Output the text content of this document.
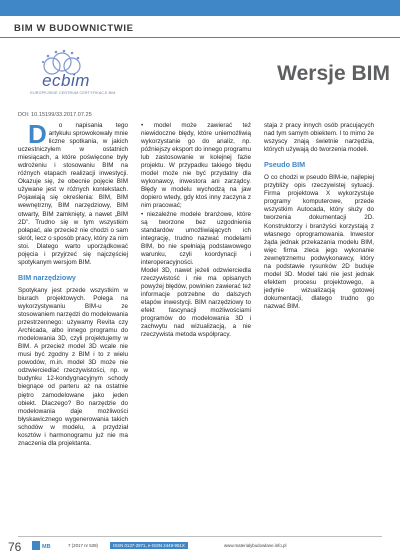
BIM W BUDOWNICTWIE
ecbim
EUROPEJSKIE CENTRUM CERTYFIKACJI BIM
Wersje BIM
DOI: 10.15199/33.2017.07.25

D o napisania tego artykułu sprowokowały mnie liczne spotkania, w jakich uczestniczyłem w ostatnich miesiącach, a które poświęcone były wdrożeniu i stosowaniu BIM na różnych etapach realizacji inwestycji. Okazuje się, że obecnie pojęcie BIM używane jest w różnych kontekstach. Pojawiają się określenia: BIM, BIM wewnętrzny, BIM narzędziowy, BIM otwarty, BIM zamknięty, a nawet „BIM 2D”. Trudno się w tym wszystkim połapać, ale przecież nie chodzi o sam skrót, lecz o sposób pracy, który za nim stoi. Dlatego warto uporządkować pojęcia i przyjrzeć się najczęściej spotykanym wersjom BIM.

BIM narzędziowy

Spotykany jest przede wszystkim w biurach projektowych. Polega na wykorzystywaniu BIM-u ze stosowaniem narzędzi do modelowania przestrzennego: używamy Revita czy Archicada, albo innego programu do modelowania 3D, czyli projektujemy w BIM. A przecież model 3D wcale nie musi być zgodny z BIM i to z wielu powodów, m.in. model 3D może nie odzwierciedlać rzeczywistości, np. w budynku 12-kondygnacyjnym schody biegnące od parteru aż na ostatnie piętro zamodelowane jako jeden obiekt. Dlaczego? Bo narzędzie do modelowania daje możliwości błyskawicznego wygenerowania takich schodów w modelu, a przydział kosztów i harmonogramu już nie ma znaczenia dla projektanta.

• model może zawierać też niewidoczne błędy, które uniemożliwią wykorzystanie go do analiz, np. późniejszy eksport do innego programu lub zastosowanie w kolejnej fazie projektu. W przypadku takiego błędu model może nie być przydatny dla wykonawcy, inwestora ani zarządcy. Błędy w modelu wychodzą na jaw dopiero wtedy, gdy ktoś inny zaczyna z nim pracować;

• niezależne modele branżowe, które są tworzone bez uzgodnienia standardów umożliwiających ich integrację, trudno nazwać modelami BIM, bo nie spełniają podstawowego warunku, czyli koordynacji i interoperacyjności.

Model 3D, nawet jeżeli odzwierciedla rzeczywistość i nie ma opisanych powyżej błędów, powinien zawierać też informacje potrzebne do dalszych etapów inwestycji. BIM narzędziowy to efekt fascynacji możliwościami programów do modelowania 3D i zachwytu nad wizualizacją, a nie rzeczywista metoda współpracy.

staja z pracy innych osób pracujących nad tym samym obiektem. I to mimo że wszyscy znają świetnie narzędzia, których używają do tworzenia modeli.

Pseudo BIM

O co chodzi w pseudo BIM-ie, najlepiej przybliży opis rzeczywistej sytuacji. Firma projektowa X wykorzystuje programy komputerowe, przede wszystkim Autocada, który służy do tworzenia dokumentacji 2D. Konstruktorzy i branżyści korzystają z własnego oprogramowania. Inwestor żąda jednak przekazania modelu BIM, więc firma zleca jego wykonanie zewnętrznemu podwykonawcy, który na podstawie rysunków 2D buduje model 3D. Model taki nie jest jednak efektem procesu projektowego, a jedynie wizualizacją gotowej dokumentacji, dlatego trudno go nazwać BIM.

76	MB	7 (2017 nr 539)	ISSN 0137-2971, e-ISSN 2449-951X	www.materialybudowlane.info.pl
